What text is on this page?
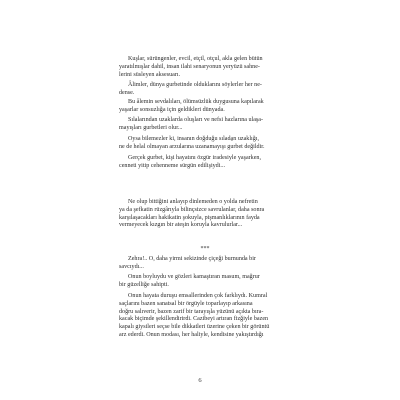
Kuşlar, sürüngenler, evcil, etçil, otçul, akla gelen bütün
yaratılmışlar dahil, insan ilahi senaryonun yeryüzü sahne-
lerini süsleyen aksesuarı.
Âlimler, dünya gurbetinde olduklarını söylerler her ne-
dense.
Bu âlemin sevdalıları, ölümsüzlük duygusuna kapılarak
yaşarlar sonsuzlığa için geldikleri dünyada.
Sılalarından uzaklarda oluşları ve nefsi hazlarına ulaşa-
mayışları gurbetleri olur...
Oysa bilemezler ki, insanın doğduğu sılada̱n uzaklığı,
ne de helal olmayan arzularına uzanamayışı gurbet değildir.
Gerçek gurbet, kişi hayatını özgür iradesiyle yaşarken,
cenneti yitip cehenneme sürgün edilişiydi...
Ne olup bittiğini anlayıp dinlemeden o yolda nefretin
ya da şefkatin rüzgârıyla bilinçsizce savrulanlar, daha sonra
karşılaşacakları hakikatin şokuyla, pişmanlıklarının fayda
vermeyecek kızgın bir ateşin koruyla kavrulurlar...
Zehra!.. O, daha yirmi sekizinde çiçeği burnunda bir
savcıydı...
Onun boyluydu ve gözleri kamaştıran masum, mağrur
bir güzelliğe sahipti.
Onun hayata duruşu emsallerinden çok farklıydı. Kumral
saçlarını bazen sanatsal bir örgüyle toparlayıp arkasına
doğru salıverir, bazen zarif bir tarayışla yüzünü açıkta bıra-
kacak biçimde şekillendirirdi. Cazibeyi artıran fizğiyle bazen
kapalı giysileri seçse bile dikkatleri üzerine çeken bir görüntü
arz ederdi. Onun modası, her haliyle, kendisine yakıştırdığı
***
6
